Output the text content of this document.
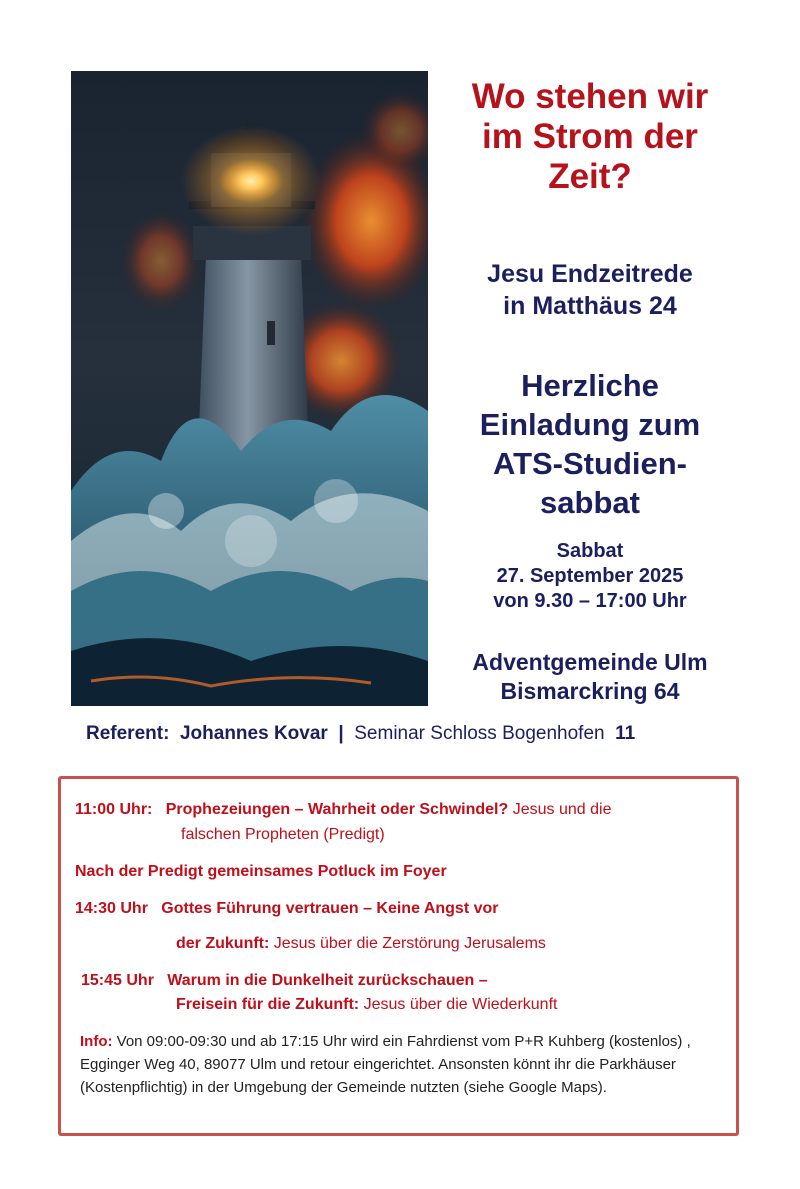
Wo stehen wir
im Strom der
Zeit?
Jesu Endzeitrede
in Matthäus 24
Herzliche
Einladung zum
ATS-Studien-
sabbat
Sabbat
27. September 2025
von 9.30 – 17:00 Uhr
Adventgemeinde Ulm
Bismarckring 64
Referent: Johannes Kovar | Seminar Schloss Bogenhofen 11
11:00 Uhr: Prophezeiungen – Wahrheit oder Schwindel? Jesus und die
falschen Propheten (Predigt)
Nach der Predigt gemeinsames Potluck im Foyer
14:30 Uhr Gottes Führung vertrauen – Keine Angst vor
der Zukunft: Jesus über die Zerstörung Jerusalems
15:45 Uhr Warum in die Dunkelheit zurückschauen –
Freisein für die Zukunft: Jesus über die Wiederkunft
Info: Von 09:00-09:30 und ab 17:15 Uhr wird ein Fahrdienst vom P+R Kuhberg (kostenlos) , Egginger Weg 40, 89077 Ulm und retour eingerichtet. Ansonsten könnt ihr die Parkhäuser (Kostenpflichtig) in der Umgebung der Gemeinde nutzten (siehe Google Maps).
